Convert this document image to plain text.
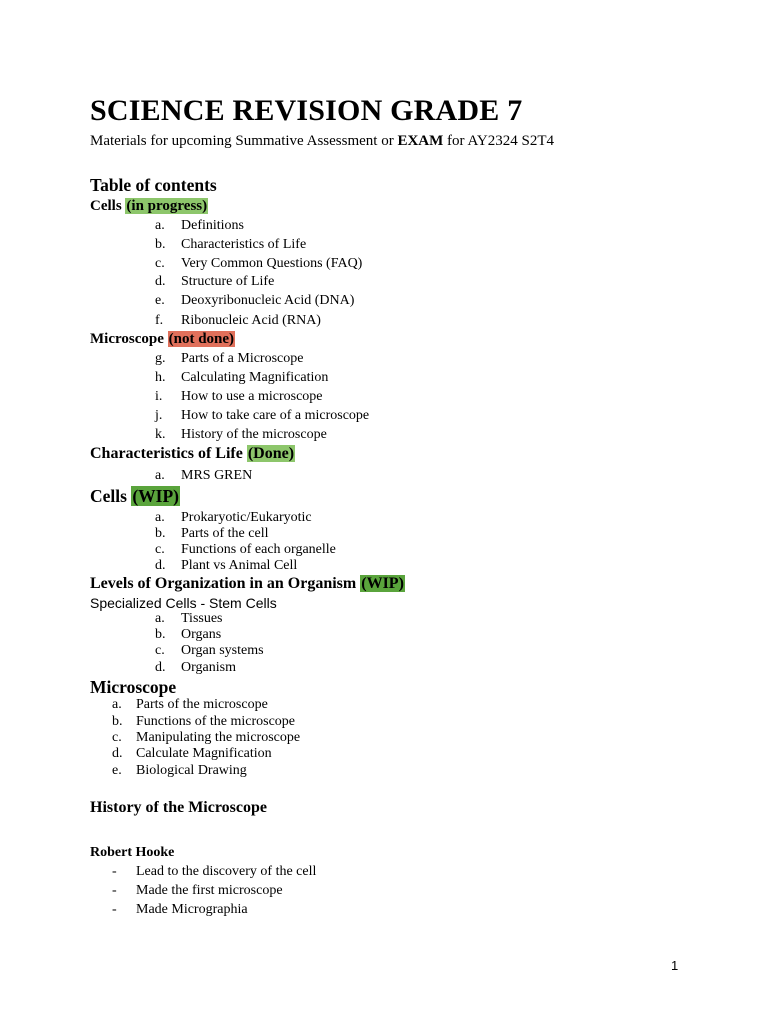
SCIENCE REVISION GRADE 7
Materials for upcoming Summative Assessment or EXAM for AY2324 S2T4
Table of contents
Cells (in progress)
a.	Definitions
b.	Characteristics of Life
c.	Very Common Questions (FAQ)
d.	Structure of Life
e.	Deoxyribonucleic Acid (DNA)
f.	Ribonucleic Acid (RNA)
Microscope (not done)
g.	Parts of a Microscope
h.	Calculating Magnification
i.	How to use a microscope
j.	How to take care of a microscope
k.	History of the microscope
Characteristics of Life (Done)
a.	MRS GREN
Cells (WIP)
a.	Prokaryotic/Eukaryotic
b.	Parts of the cell
c.	Functions of each organelle
d.	Plant vs Animal Cell
Levels of Organization in an Organism (WIP)
Specialized Cells - Stem Cells
a.	Tissues
b.	Organs
c.	Organ systems
d.	Organism
Microscope
a.	Parts of the microscope
b. Functions of the microscope
c.	Manipulating the microscope
d. Calculate Magnification
e.	Biological Drawing
History of the Microscope
Robert Hooke
-	Lead to the discovery of the cell
-	Made the first microscope
-	Made Micrographia
1
